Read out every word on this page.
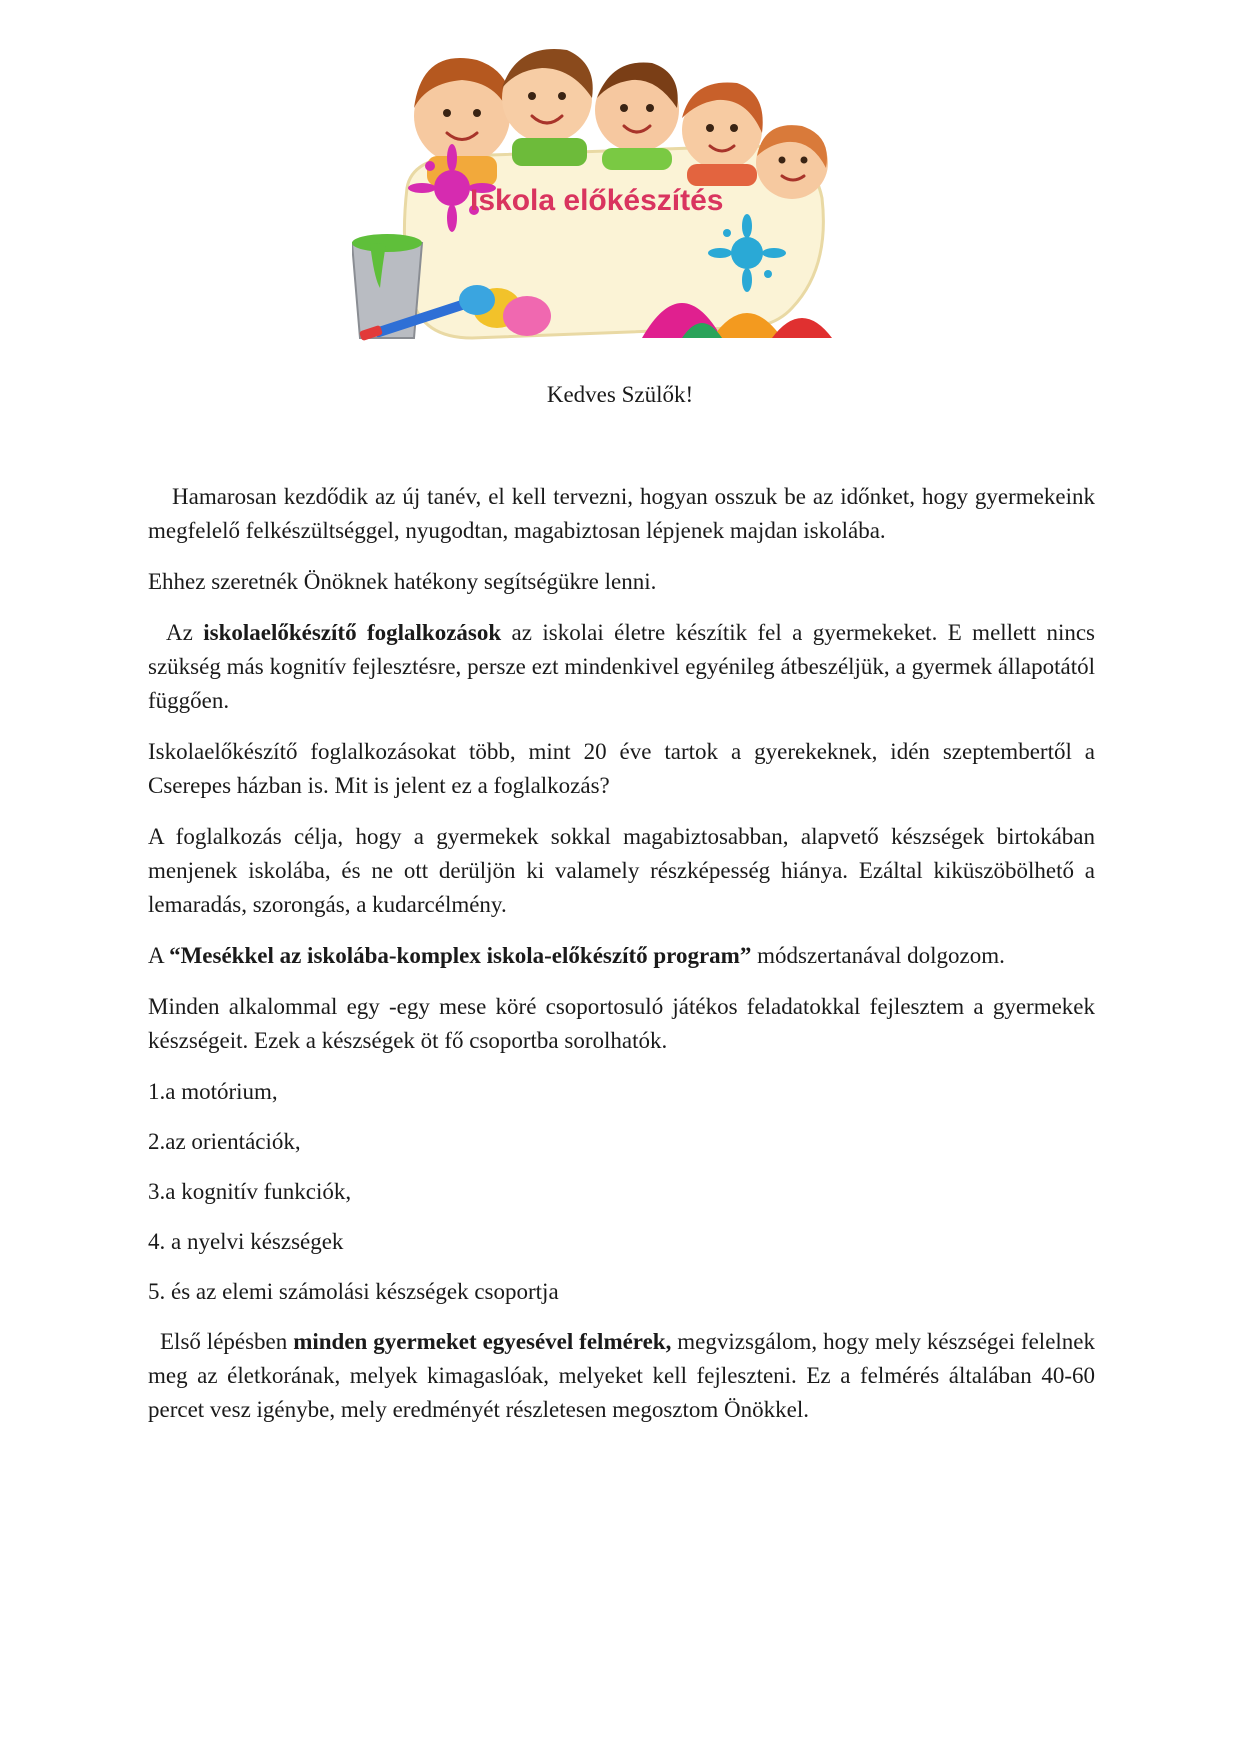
Iskola előkészítés
Kedves Szülők!

Hamarosan kezdődik az új tanév, el kell tervezni, hogyan osszuk be az időnket, hogy gyermekeink megfelelő felkészültséggel, nyugodtan, magabiztosan lépjenek majdan iskolába.

Ehhez szeretnék Önöknek hatékony segítségükre lenni.

Az iskolaelőkészítő foglalkozások az iskolai életre készítik fel a gyermekeket. E mellett nincs szükség más kognitív fejlesztésre, persze ezt mindenkivel egyénileg átbeszéljük, a gyermek állapotától függően.

Iskolaelőkészítő foglalkozásokat több, mint 20 éve tartok a gyerekeknek, idén szeptembertől a Cserepes házban is. Mit is jelent ez a foglalkozás?

A foglalkozás célja, hogy a gyermekek sokkal magabiztosabban, alapvető készségek birtokában menjenek iskolába, és ne ott derüljön ki valamely részképesség hiánya. Ezáltal kiküszöbölhető a lemaradás, szorongás, a kudarcélmény.

A “Mesékkel az iskolába-komplex iskola-előkészítő program” módszertanával dolgozom.

Minden alkalommal egy -egy mese köré csoportosuló játékos feladatokkal fejlesztem a gyermekek készségeit. Ezek a készségek öt fő csoportba sorolhatók.

1.a motórium,

2.az orientációk,

3.a kognitív funkciók,

4. a nyelvi készségek

5. és az elemi számolási készségek csoportja

Első lépésben minden gyermeket egyesével felmérek, megvizsgálom, hogy mely készségei felelnek meg az életkorának, melyek kimagaslóak, melyeket kell fejleszteni. Ez a felmérés általában 40-60 percet vesz igénybe, mely eredményét részletesen megosztom Önökkel.
